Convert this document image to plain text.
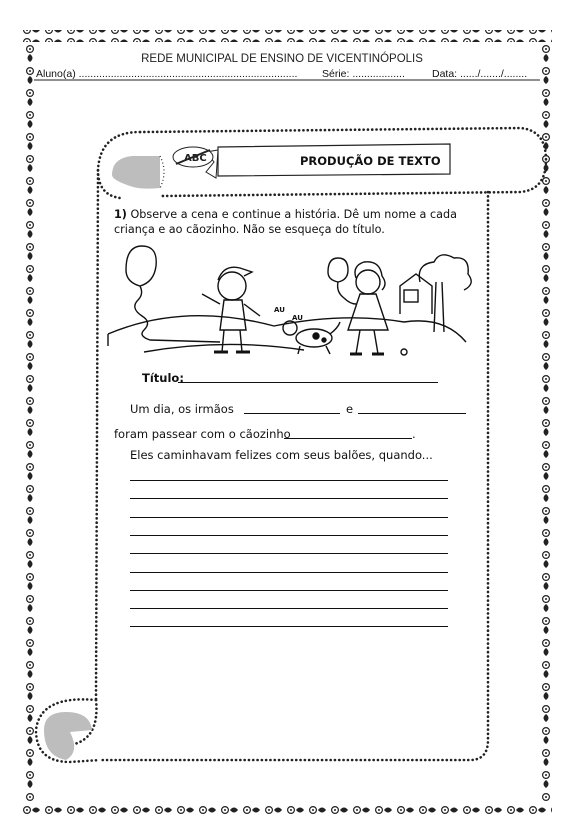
REDE MUNICIPAL DE ENSINO DE VICENTINÓPOLIS
Aluno(a) ........................................................................... Série: ..................	Data: ....../......./........
ABC	PRODUÇÃO DE TEXTO
1) Observe a cena e continue a história. Dê um nome a cada criança e ao cãozinho. Não se esqueça do título.
AU
AU
Título:
Um dia, os irmãos	e
foram passear com o cãozinho	.
Eles caminhavam felizes com seus balões, quando...
